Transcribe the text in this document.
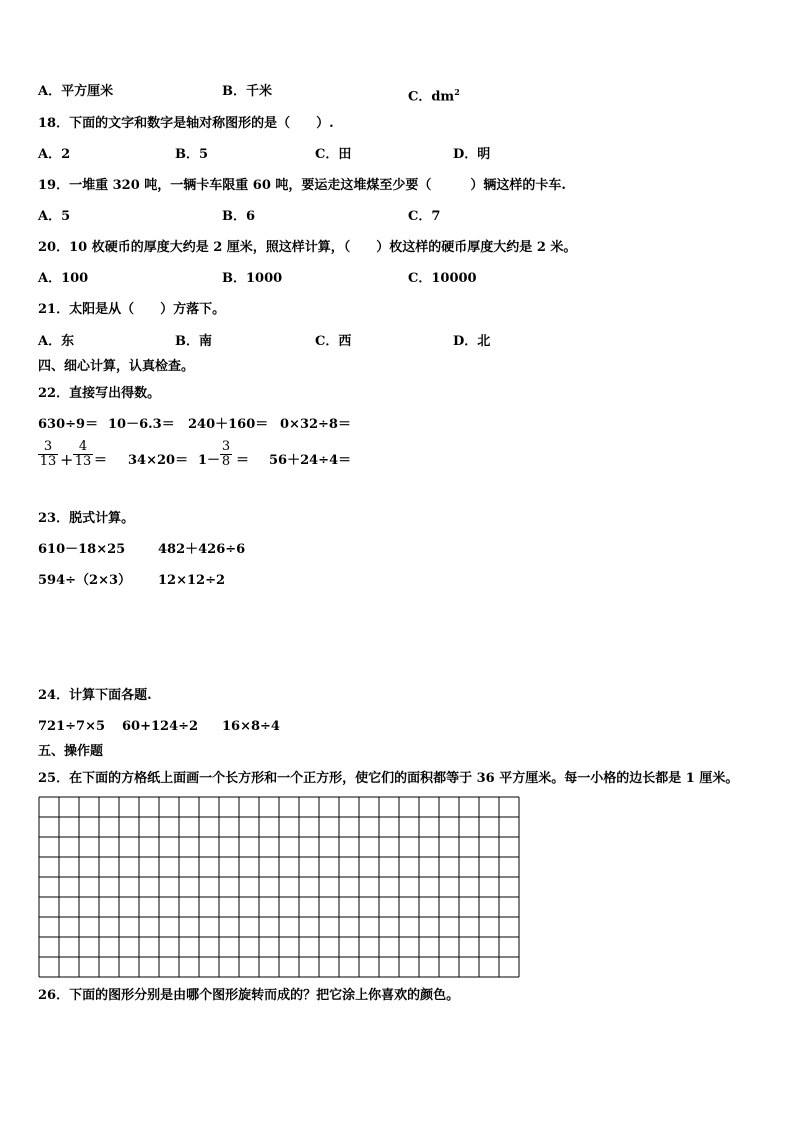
A．平方厘米	B．千米	C．$dm^2$
18．下面的文字和数字是轴对称图形的是（　　）.
A．2	B．5	C．田	D．明
19．一堆重 320 吨，一辆卡车限重 60 吨，要运走这堆煤至少要（　　　）辆这样的卡车.
A．5	B．6	C．7
20．10 枚硬币的厚度大约是 2 厘米，照这样计算，（　　）枚这样的硬币厚度大约是 2 米。
A．100	B．1000	C．10000
21．太阳是从（　　）方落下。
A．东	B．南	C．西	D．北
四、细心计算，认真检查。
22．直接写出得数。
630÷9＝ 10－6.3＝ 240＋160＝ 0×32÷8＝
$\frac{3}{13} + \frac{4}{13} = 34\times 20= 1- \frac{3}{8} = 56+24\div 4=$
23．脱式计算。
610－18×25	482＋426÷6
594÷（2×3） 12×12÷2
24．计算下面各题.
721÷7×5 60+124÷2 16×8÷4
五、操作题
25．在下面的方格纸上面画一个长方形和一个正方形，使它们的面积都等于 36 平方厘米。每一小格的边长都是 1 厘米。
26．下面的图形分别是由哪个图形旋转而成的？把它涂上你喜欢的颜色。
